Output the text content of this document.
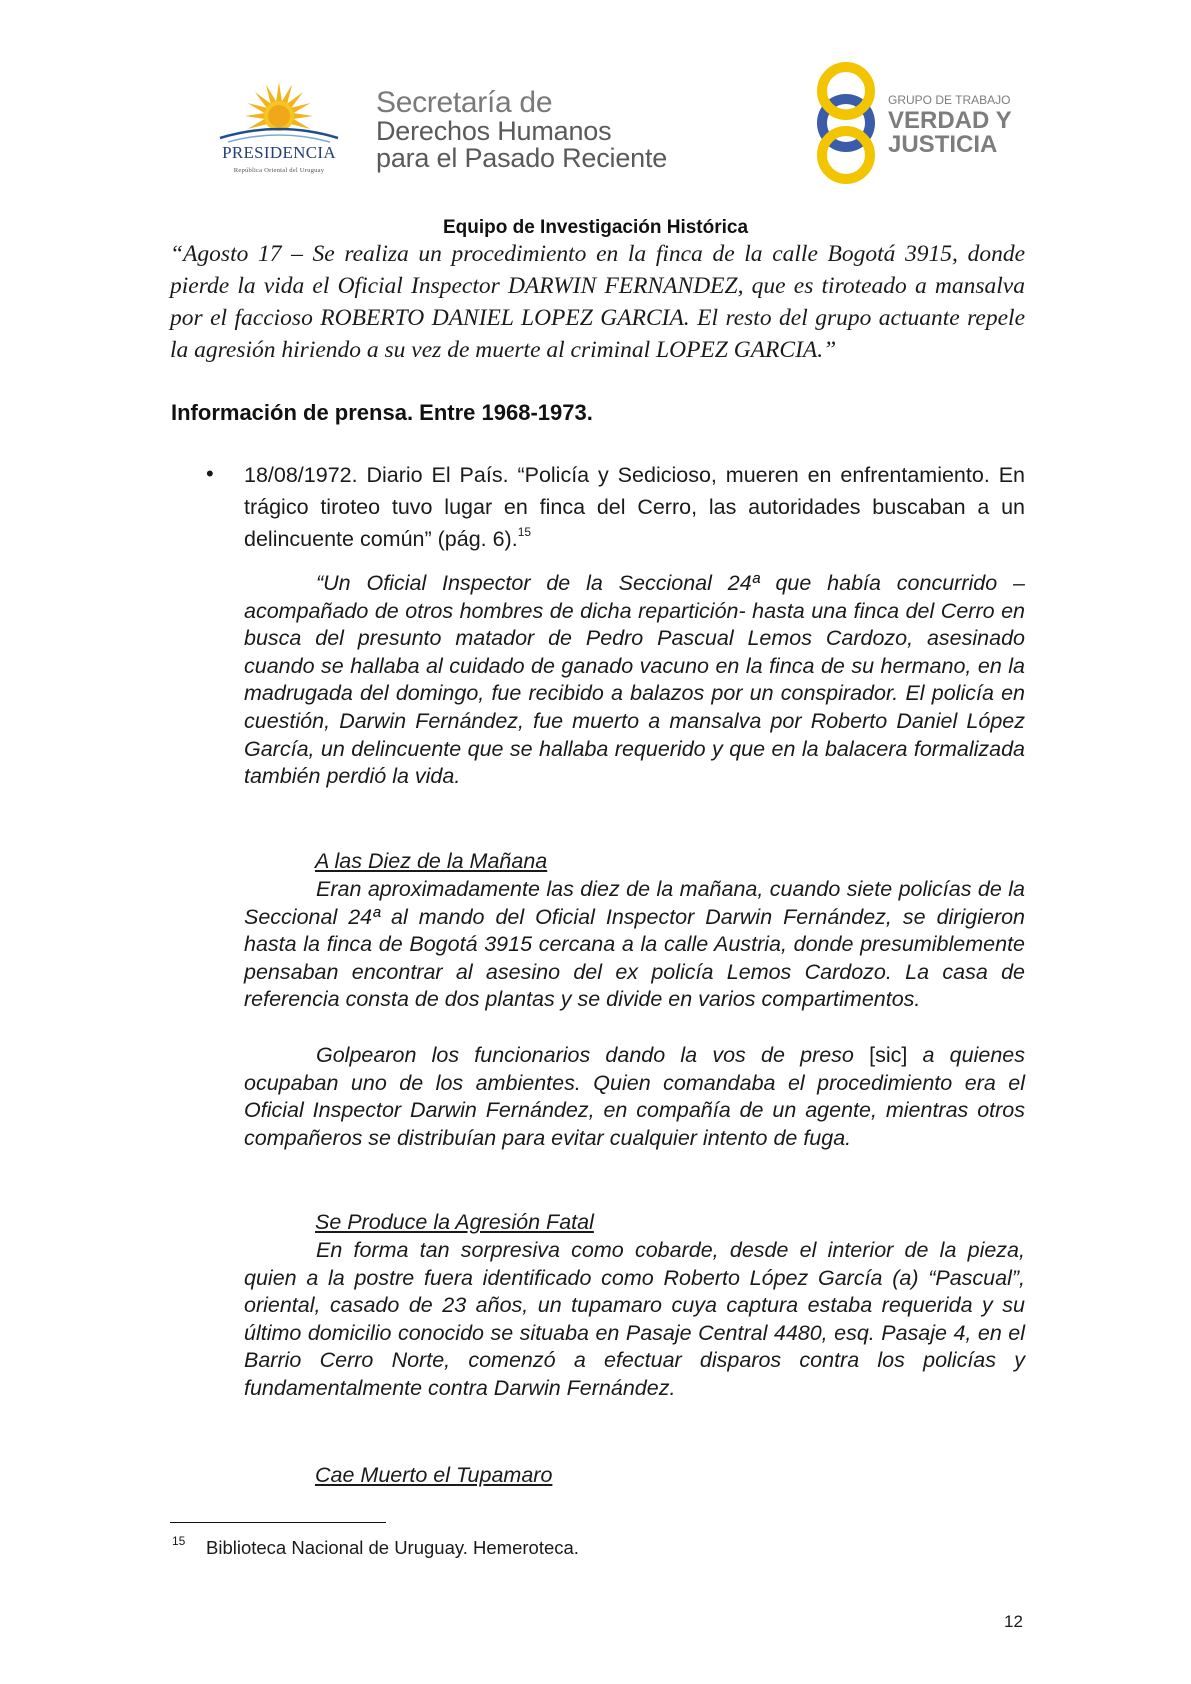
PRESIDENCIA
República Oriental del Uruguay
Secretaría de
Derechos Humanos
para el Pasado Reciente
GRUPO DE TRABAJO
VERDAD Y
JUSTICIA
Equipo de Investigación Histórica
“Agosto 17 – Se realiza un procedimiento en la finca de la calle Bogotá 3915, donde pierde la vida el Oficial Inspector DARWIN FERNANDEZ, que es tiroteado a mansalva por el faccioso ROBERTO DANIEL LOPEZ GARCIA. El resto del grupo actuante repele la agresión hiriendo a su vez de muerte al criminal LOPEZ GARCIA.”
Información de prensa. Entre 1968-1973.
• 18/08/1972. Diario El País. “Policía y Sedicioso, mueren en enfrentamiento. En trágico tiroteo tuvo lugar en finca del Cerro, las autoridades buscaban a un delincuente común” (pág. 6).$^{15}$
“Un Oficial Inspector de la Seccional 24ª que había concurrido –acompañado de otros hombres de dicha repartición- hasta una finca del Cerro en busca del presunto matador de Pedro Pascual Lemos Cardozo, asesinado cuando se hallaba al cuidado de ganado vacuno en la finca de su hermano, en la madrugada del domingo, fue recibido a balazos por un conspirador. El policía en cuestión, Darwin Fernández, fue muerto a mansalva por Roberto Daniel López García, un delincuente que se hallaba requerido y que en la balacera formalizada también perdió la vida.
A las Diez de la Mañana
Eran aproximadamente las diez de la mañana, cuando siete policías de la Seccional 24ª al mando del Oficial Inspector Darwin Fernández, se dirigieron hasta la finca de Bogotá 3915 cercana a la calle Austria, donde presumiblemente pensaban encontrar al asesino del ex policía Lemos Cardozo. La casa de referencia consta de dos plantas y se divide en varios compartimentos.
Golpearon los funcionarios dando la vos de preso [sic] a quienes ocupaban uno de los ambientes. Quien comandaba el procedimiento era el Oficial Inspector Darwin Fernández, en compañía de un agente, mientras otros compañeros se distribuían para evitar cualquier intento de fuga.
Se Produce la Agresión Fatal
En forma tan sorpresiva como cobarde, desde el interior de la pieza, quien a la postre fuera identificado como Roberto López García (a) “Pascual”, oriental, casado de 23 años, un tupamaro cuya captura estaba requerida y su último domicilio conocido se situaba en Pasaje Central 4480, esq. Pasaje 4, en el Barrio Cerro Norte, comenzó a efectuar disparos contra los policías y fundamentalmente contra Darwin Fernández.
Cae Muerto el Tupamaro
15 Biblioteca Nacional de Uruguay. Hemeroteca.
12
